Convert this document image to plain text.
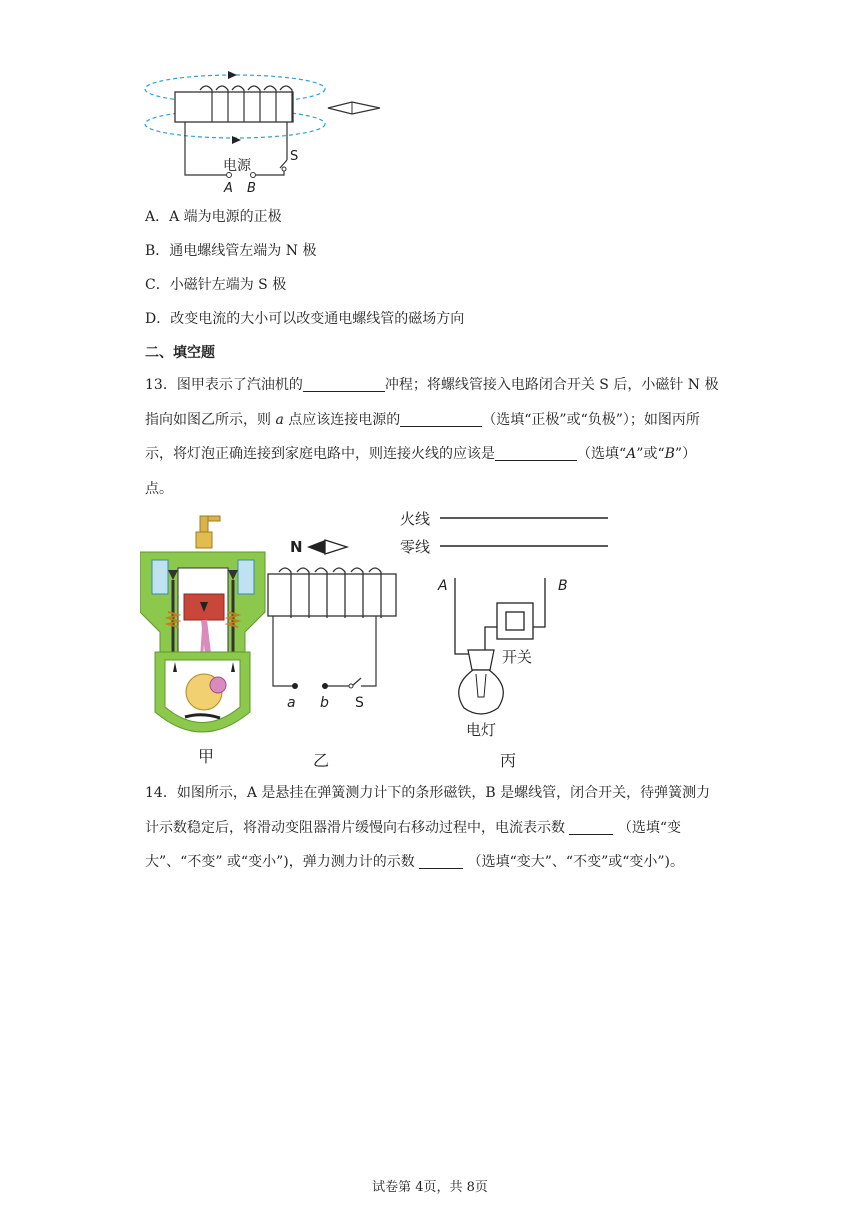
电源
A B
S
A．A 端为电源的正极
B．通电螺线管左端为 N 极
C．小磁针左端为 S 极
D．改变电流的大小可以改变通电螺线管的磁场方向
二、填空题
13．图甲表示了汽油机的	冲程；将螺线管接入电路闭合开关 S 后，小磁针 N 极指向如图乙所示，则 a 点应该连接电源的	（选填“正极”或“负极”）；如图丙所示，将灯泡正确连接到家庭电路中，则连接火线的应该是	（选填“A”或“B”）点。
甲
N
a b S
乙
火线
零线
A	B
开关
电灯
丙
14．如图所示，A 是悬挂在弹簧测力计下的条形磁铁，B 是螺线管，闭合开关，待弹簧测力计示数稳定后，将滑动变阻器滑片缓慢向右移动过程中，电流表示数	（选填“变大”、“不变” 或“变小”)，弹力测力计的示数	（选填“变大”、“不变”或“变小”)。
试卷第 4页，共 8页
